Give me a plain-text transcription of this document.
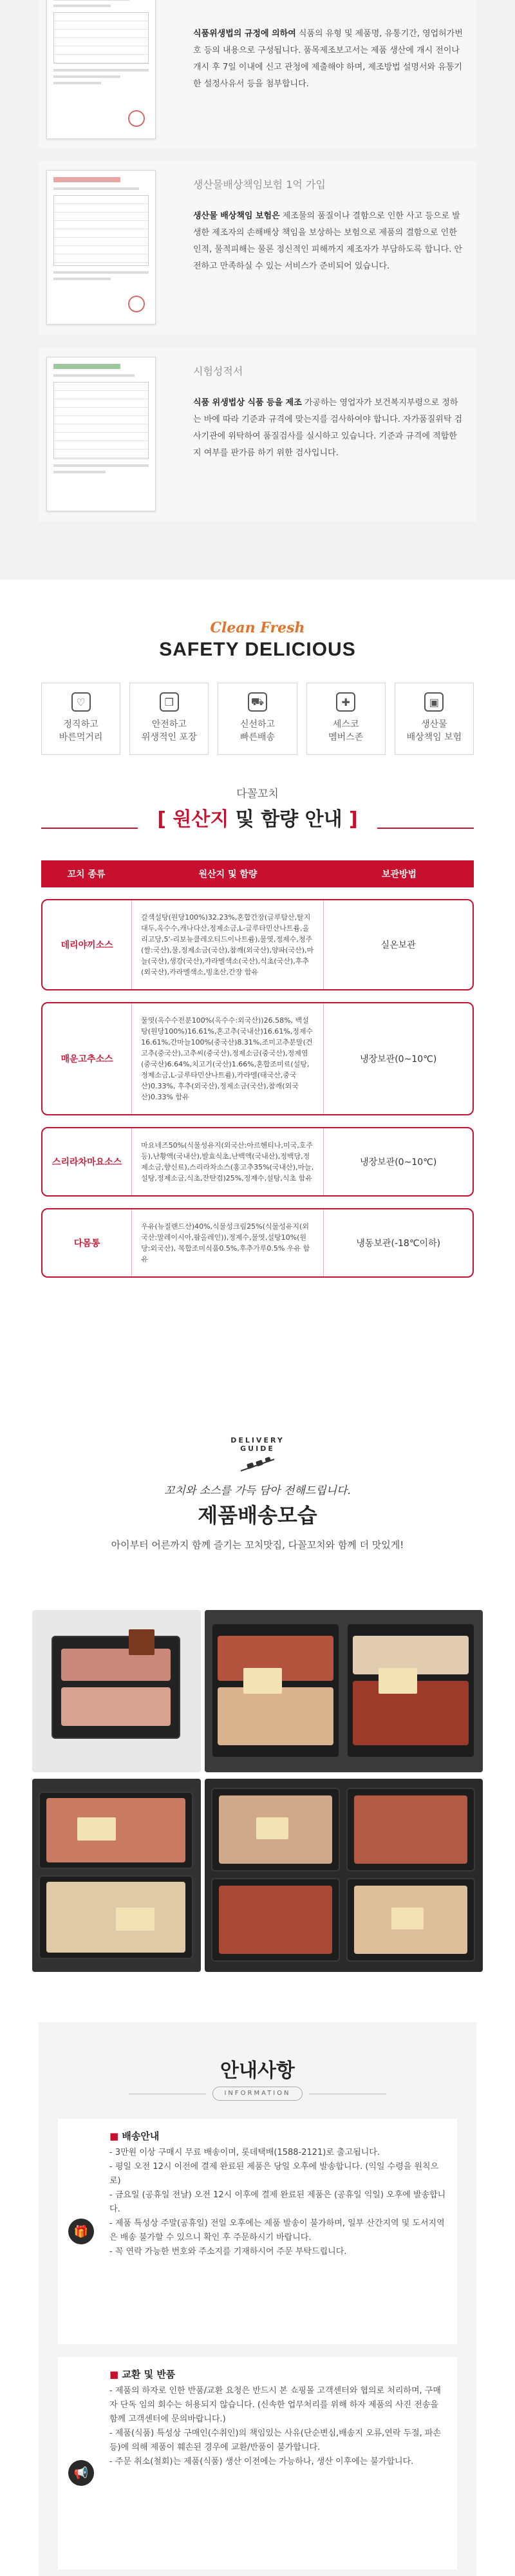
식품위생법의 규정에 의하여 식품의 유형 및 제품명, 유통기간, 영업허가번호 등의 내용으로 구성됩니다. 품목제조보고서는 제품 생산에 개시 전이나 개시 후 7일 이내에 신고 관청에 제출해야 하며, 제조방법 설명서와 유통기한 설정사유서 등을 첨부합니다.
생산물배상책임보험 1억 가입
생산물 배상책임 보험은 제조물의 품질이나 결함으로 인한 사고 등으로 발생한 제조자의 손해배상 책임을 보상하는 보험으로 제품의 결함으로 인한 인적, 물적피해는 물론 정신적인 피해까지 제조자가 부담하도록 합니다. 안전하고 만족하실 수 있는 서비스가 준비되어 있습니다.
시험성적서
식품 위생법상 식품 등을 제조 가공하는 영업자가 보건복지부령으로 정하는 바에 따라 기준과 규격에 맞는지를 검사하여야 합니다. 자가품질위탁 검사기관에 위탁하여 품질검사를 실시하고 있습니다. 기준과 규격에 적합한지 여부를 판가름 하기 위한 검사입니다.
Clean Fresh
SAFETY DELICIOUS
♡
정직하고
바른먹거리
❒
안전하고
위생적인 포장
⛟
신선하고
빠른배송
✚
세스코
멤버스존
▣
생산물
배상책임 보험
다꼴꼬치
[ 원산지 및 함량 안내 ]
꼬치 종류	원산지 및 함량	보관방법
데리야끼소스
갈색설탕(원당100%)32.23%,혼합간장(글루탐산,탈지대두,옥수수,캐나다산,정제소금,L-글루타민산나트륨,올리고당,5'-리보뉴클레오티드이나트륨),물엿,정제수,청주(쌀:국산),물,정제소금(국산),참깨(외국산),양파(국산),마늘(국산),생강(국산),캬라멜색소(국산),식초(국산),후추(외국산),카라멜색소,빙초산,간장 함유
실온보관
매운고추소스
물엿(옥수수전분100%(옥수수:외국산))26.58%, 백설탕(원당100%)16.61%,혼고추(국내산)16.61%,정제수16.61%,간마늘100%(중국산)8.31%,조미고추분말(건고추(중국산),고추씨(중국산),정제소금(중국산),정제염(중국산)6.64%,치고기(국산)1.66%,혼합조미료(설탕,정제소금,L-글루타민산나트륨),카라멜(태국산,중국산)0.33%, 후추(외국산),정제소금(국산),참깨(외국산)0.33% 함유
냉장보관(0~10℃)
스리라차마요소스
마요네즈50%(식물성유지(외국산:아르헨티나,미국,호주 등),난황액(국내산),발효식초,난백액(국내산),정백당,정제소금,향신료),스리라차소스(홍고추35%(국내산),마늘,설탕,정제소금,식초,잔탄검)25%,정제수,설탕,식초 함유
냉장보관(0~10℃)
다몸통
우유(뉴질랜드산)40%,식물성크림25%(식물성유지(외국산:말레이시아,팜올레인)),정제수,물엿,설탕10%(원당:외국산), 복합조미식품0.5%,후추가루0.5% 우유 함유
냉동보관(-18℃이하)
DELIVERY GUIDE
꼬치와 소스를 가득 담아 전해드립니다.
제품배송모습
아이부터 어른까지 함께 즐기는 꼬치맛집, 다꼴꼬치와 함께 더 맛있게!
안내사항
INFORMATION
🎁
■ 배송안내
- 3만원 이상 구매시 무료 배송이며, 롯데택배(1588-2121)로 출고됩니다.
- 평일 오전 12시 이전에 결제 완료된 제품은 당일 오후에 발송합니다. (익일 수령을 원칙으로)
- 금요일 (공휴일 전날) 오전 12시 이후에 결제 완료된 제품은 (공휴일 익일) 오후에 발송합니다.
- 제품 특성상 주말(공휴일) 전일 오후에는 제품 발송이 불가하며, 일부 산간지역 및 도서지역은 배송 불가할 수 있으니 확인 후 주문하시기 바랍니다.
- 꼭 연락 가능한 번호와 주소지를 기재하시어 주문 부탁드립니다.
📢
■ 교환 및 반품
- 제품의 하자로 인한 반품/교환 요청은 반드시 본 쇼핑몰 고객센터와 협의로 처리하며, 구매자 단독 임의 회수는 허용되지 않습니다. (신속한 업무처리를 위해 하자 제품의 사진 전송을 함께 고객센터에 문의바랍니다.)
- 제품(식품) 특성상 구매인(수취인)의 책임있는 사유(단순변심,배송지 오류,연락 두절, 파손 등)에 의해 제품이 훼손된 경우에 교환/반품이 불가합니다.
- 주문 취소(철회)는 제품(식품) 생산 이전에는 가능하나, 생산 이후에는 불가합니다.
